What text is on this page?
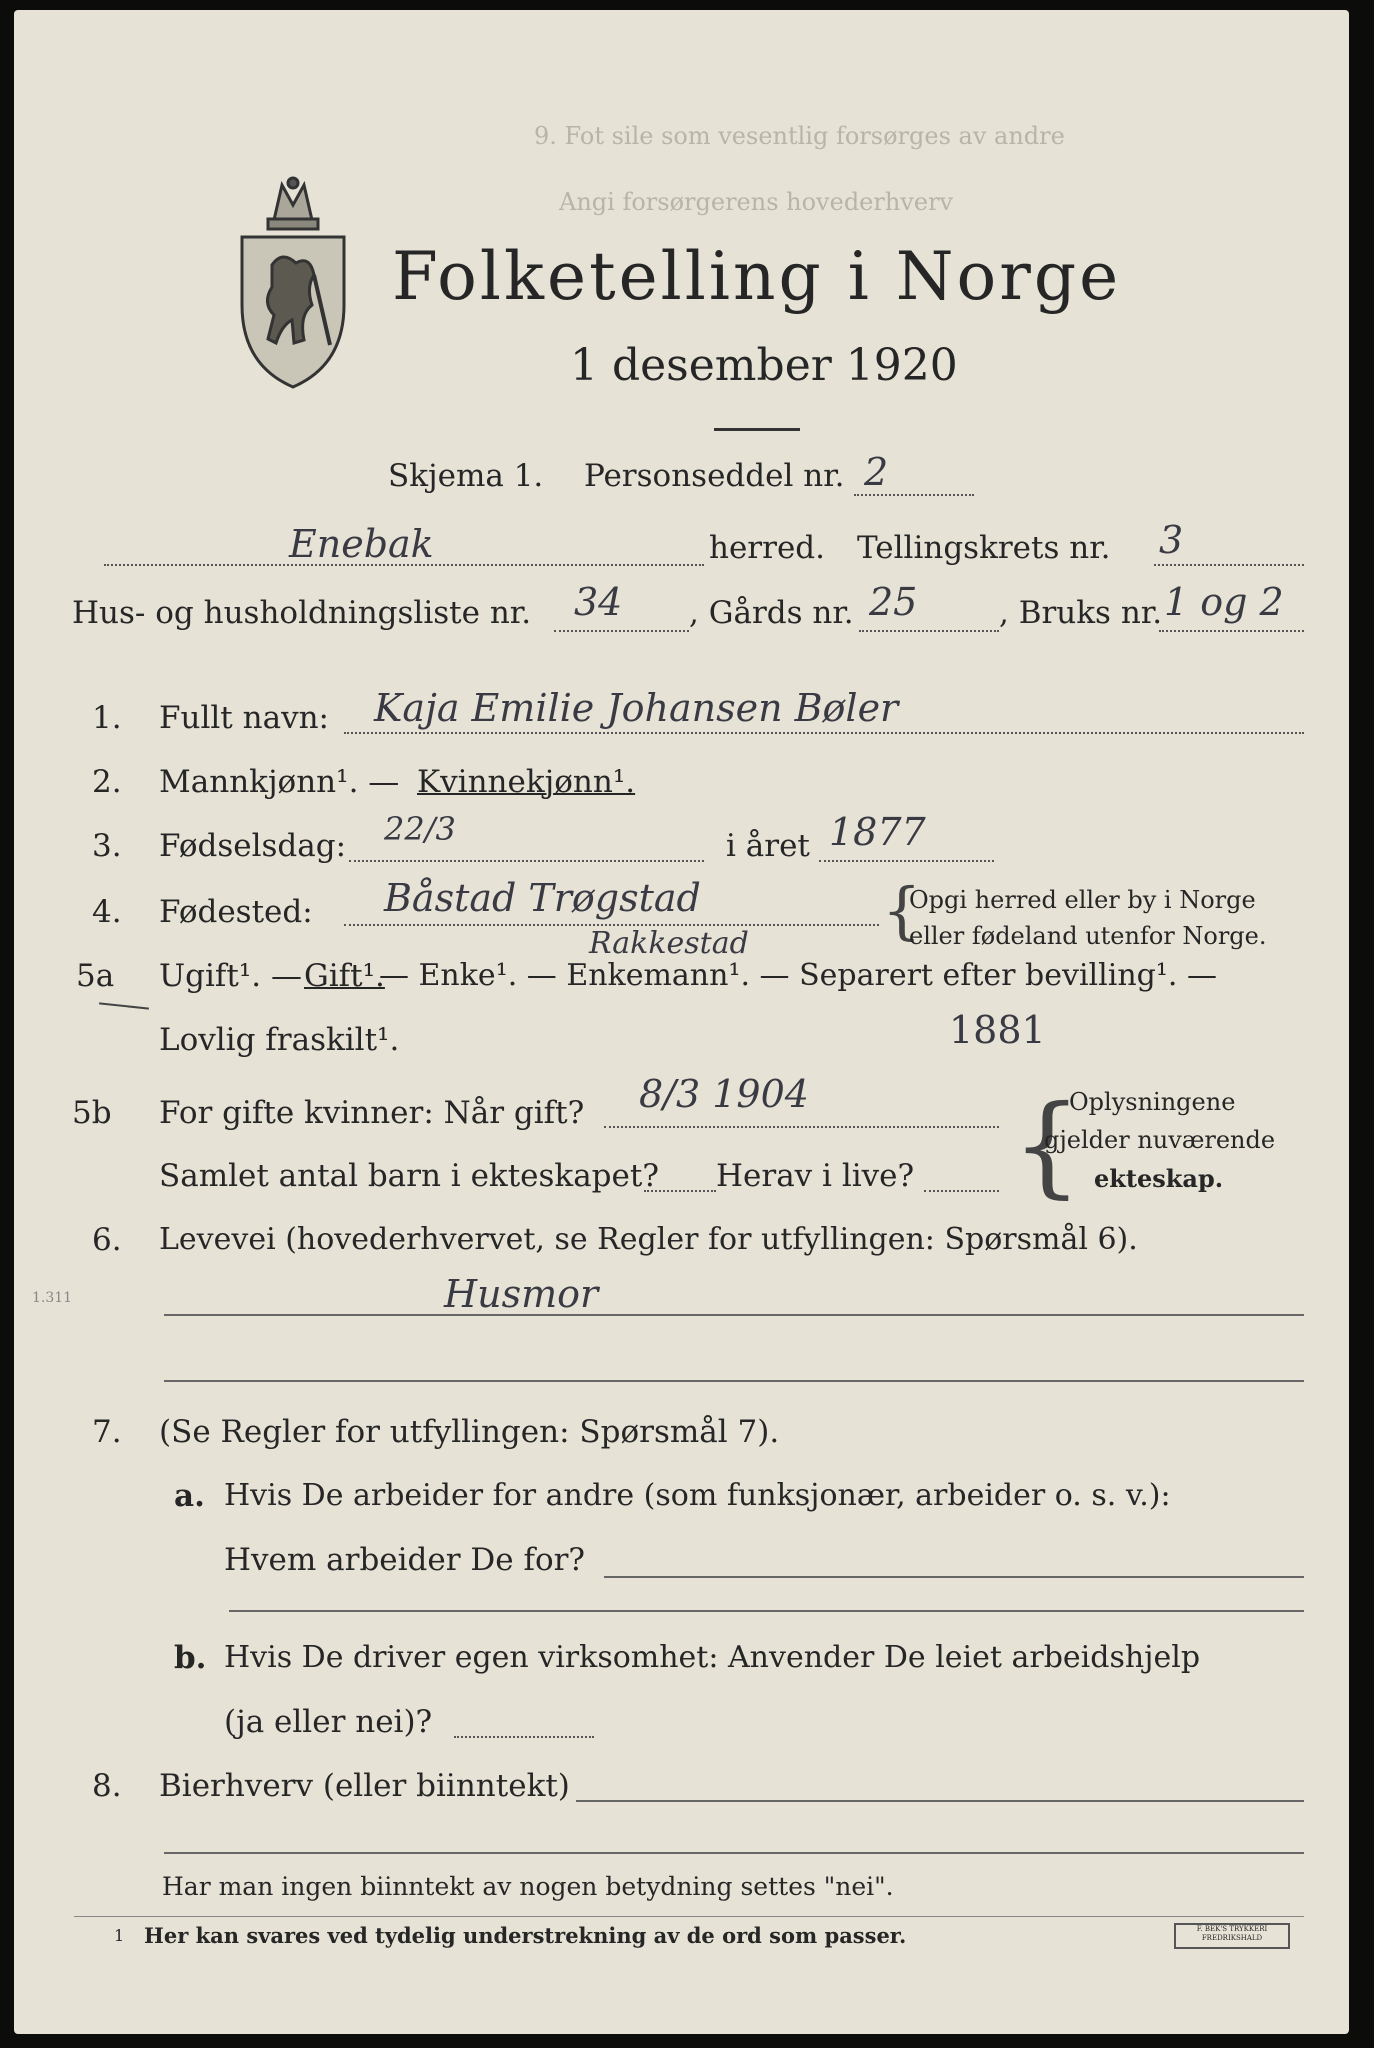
9. Fot sile som vesentlig forsørges av andre
Angi forsørgerens hovederhverv
Folketelling i Norge
1 desember 1920
Skjema 1. Personseddel nr. 2
Enebak	herred. Tellingskrets nr. 3
Hus- og husholdningsliste nr. 34 , Gårds nr. 25	, Bruks nr. 1 og 2
1. Fullt navn: Kaja Emilie Johansen Bøler
2. Mannkjønn¹. — Kvinnekjønn¹.
3. Fødselsdag: 22/3	i året 1877
4. Fødested: Båstad Trøgstad
Rakkestad {
Opgi herred eller by i Norge
eller fødeland utenfor Norge.
5a Ugift¹. — Gift¹.
— Enke¹. — Enkemann¹. — Separert efter bevilling¹. —
Lovlig fraskilt¹.	1881
5b For gifte kvinner: Når gift? 8/3 1904
Samlet antal barn i ekteskapet? Herav i live? {
Oplysningene
gjelder nuværende
ekteskap.
6. Levevei (hovederhvervet, se Regler for utfyllingen: Spørsmål 6).
1.311	Husmor
7. (Se Regler for utfyllingen: Spørsmål 7).
a. Hvis De arbeider for andre (som funksjonær, arbeider o. s. v.):
Hvem arbeider De for?
b. Hvis De driver egen virksomhet: Anvender De leiet arbeidshjelp
(ja eller nei)?
8. Bierhverv (eller biinntekt)
Har man ingen biinntekt av nogen betydning settes "nei".
1 Her kan svares ved tydelig understrekning av de ord som passer.	F. BEK'S TRYKKERI FREDRIKSHALD
